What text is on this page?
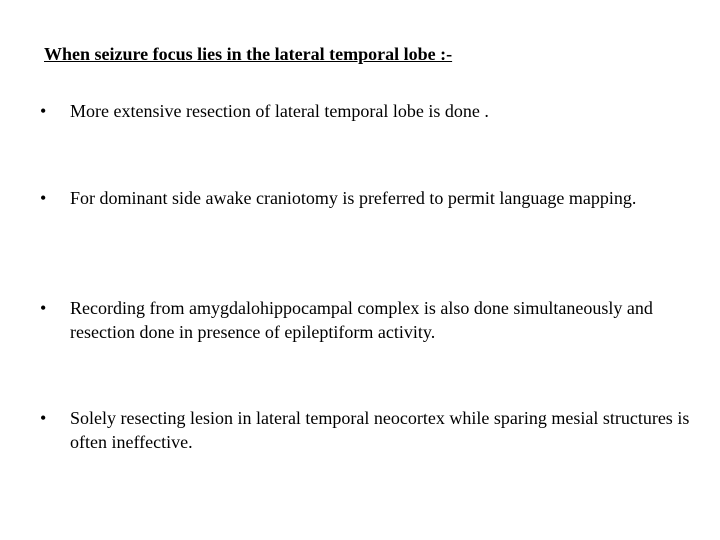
When seizure focus lies in the lateral temporal lobe :-
•	More extensive resection of lateral temporal lobe is done .
•	For dominant side awake craniotomy is preferred to permit language mapping.
•	Recording from amygdalohippocampal complex is also done simultaneously and resection done in presence of epileptiform activity.
•	Solely resecting lesion in lateral temporal neocortex while sparing mesial structures is often ineffective.
